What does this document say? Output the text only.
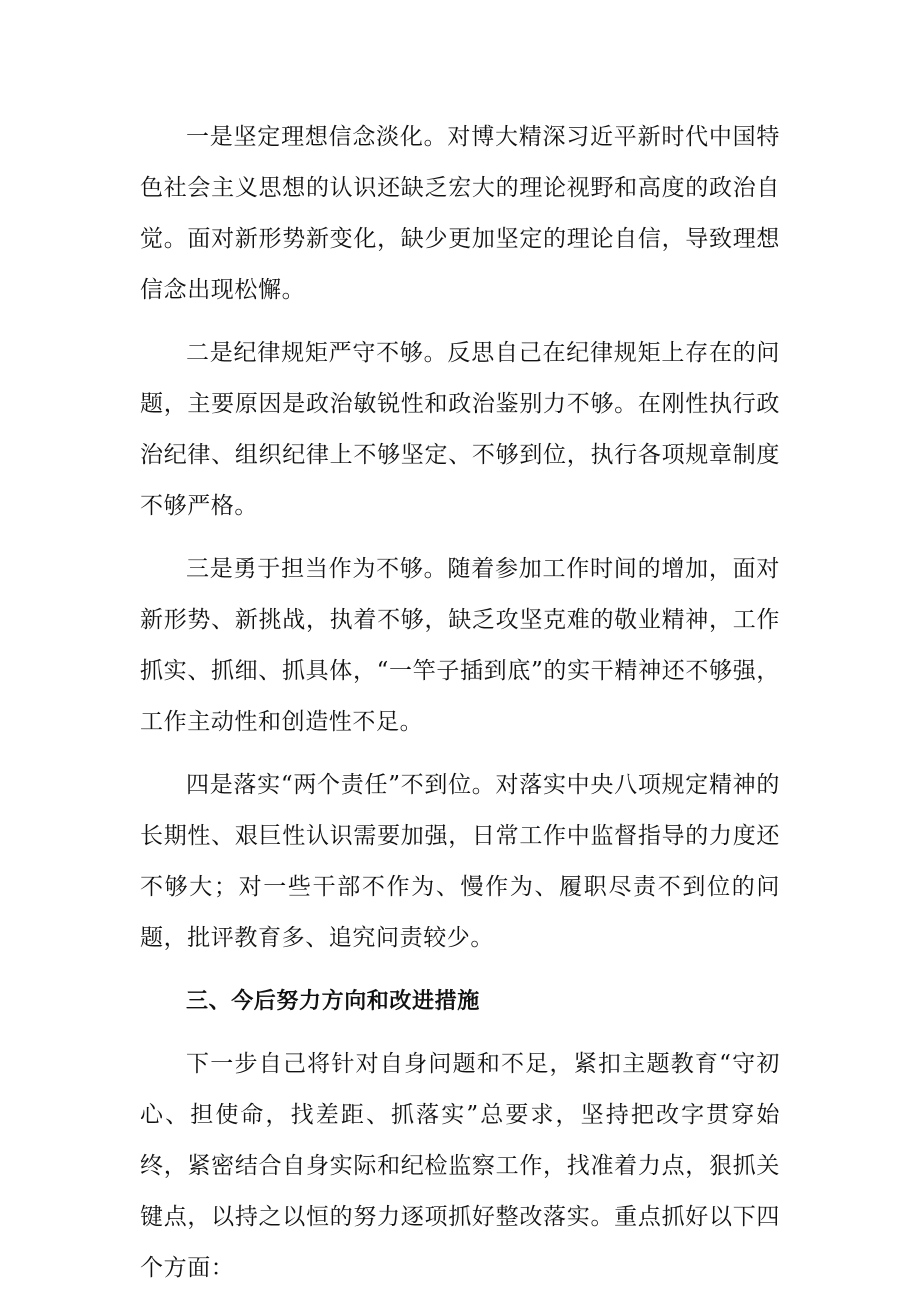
一是坚定理想信念淡化。对博大精深习近平新时代中国特色社会主义思想的认识还缺乏宏大的理论视野和高度的政治自觉。面对新形势新变化，缺少更加坚定的理论自信，导致理想信念出现松懈。

二是纪律规矩严守不够。反思自己在纪律规矩上存在的问题，主要原因是政治敏锐性和政治鉴别力不够。在刚性执行政治纪律、组织纪律上不够坚定、不够到位，执行各项规章制度不够严格。

三是勇于担当作为不够。随着参加工作时间的增加，面对新形势、新挑战，执着不够，缺乏攻坚克难的敬业精神，工作抓实、抓细、抓具体，“一竿子插到底”的实干精神还不够强，工作主动性和创造性不足。

四是落实“两个责任”不到位。对落实中央八项规定精神的长期性、艰巨性认识需要加强，日常工作中监督指导的力度还不够大；对一些干部不作为、慢作为、履职尽责不到位的问题，批评教育多、追究问责较少。

三、今后努力方向和改进措施

下一步自己将针对自身问题和不足，紧扣主题教育“守初心、担使命，找差距、抓落实”总要求，坚持把改字贯穿始终，紧密结合自身实际和纪检监察工作，找准着力点，狠抓关键点，以持之以恒的努力逐项抓好整改落实。重点抓好以下四个方面：
